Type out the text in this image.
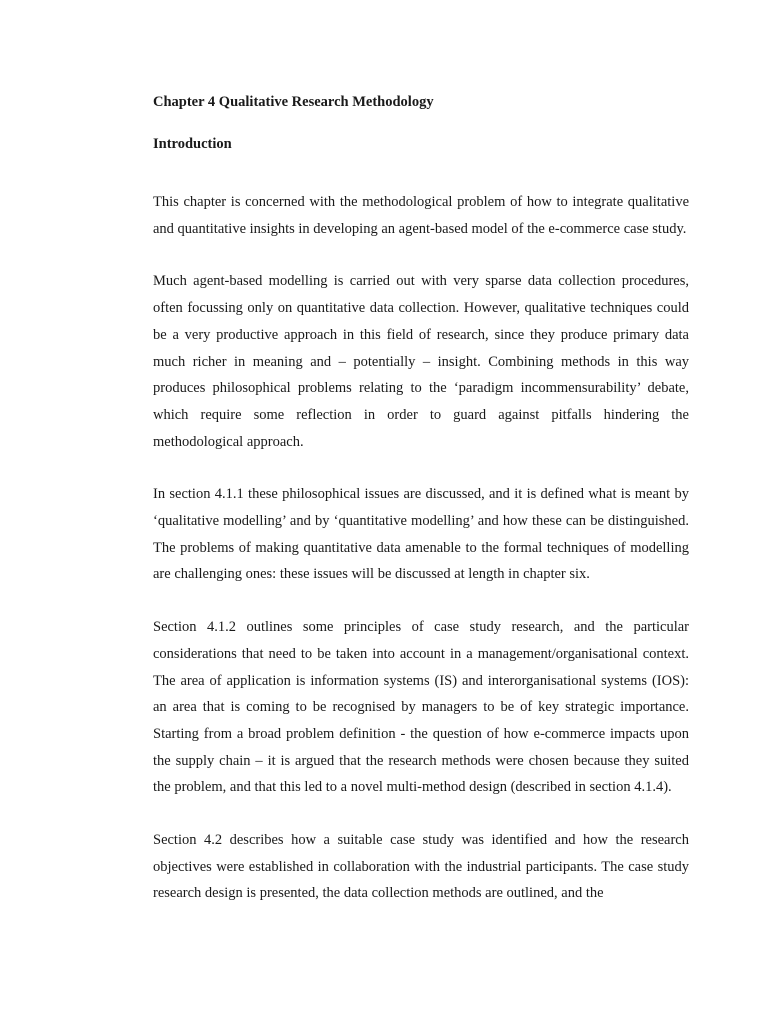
Chapter 4 Qualitative Research Methodology

Introduction

This chapter is concerned with the methodological problem of how to integrate qualitative and quantitative insights in developing an agent-based model of the e-commerce case study.

Much agent-based modelling is carried out with very sparse data collection procedures, often focussing only on quantitative data collection. However, qualitative techniques could be a very productive approach in this field of research, since they produce primary data much richer in meaning and – potentially – insight. Combining methods in this way produces philosophical problems relating to the ‘paradigm incommensurability’ debate, which require some reflection in order to guard against pitfalls hindering the methodological approach.

In section 4.1.1 these philosophical issues are discussed, and it is defined what is meant by ‘qualitative modelling’ and by ‘quantitative modelling’ and how these can be distinguished. The problems of making quantitative data amenable to the formal techniques of modelling are challenging ones: these issues will be discussed at length in chapter six.

Section 4.1.2 outlines some principles of case study research, and the particular considerations that need to be taken into account in a management/organisational context. The area of application is information systems (IS) and interorganisational systems (IOS): an area that is coming to be recognised by managers to be of key strategic importance. Starting from a broad problem definition - the question of how e-commerce impacts upon the supply chain – it is argued that the research methods were chosen because they suited the problem, and that this led to a novel multi-method design (described in section 4.1.4).

Section 4.2 describes how a suitable case study was identified and how the research objectives were established in collaboration with the industrial participants. The case study research design is presented, the data collection methods are outlined, and the
